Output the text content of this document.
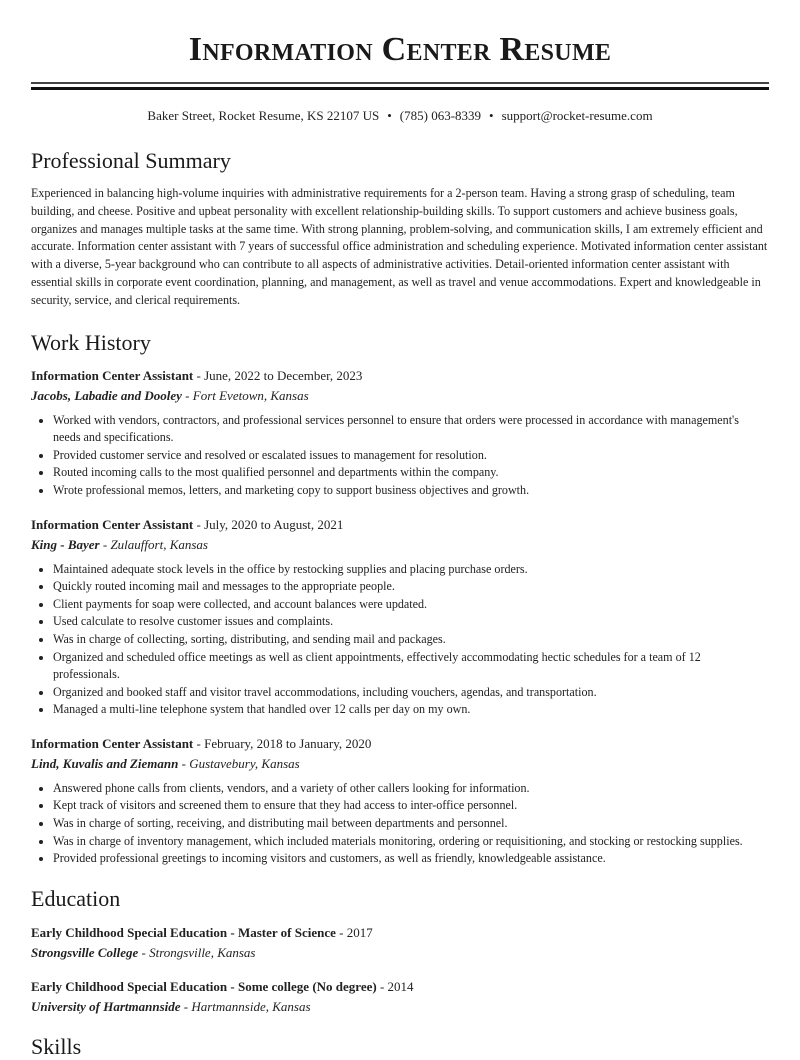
Information Center Resume
Baker Street, Rocket Resume, KS 22107 US • (785) 063-8339 • support@rocket-resume.com
Professional Summary

Experienced in balancing high-volume inquiries with administrative requirements for a 2-person team. Having a strong grasp of scheduling, team building, and cheese. Positive and upbeat personality with excellent relationship-building skills. To support customers and achieve business goals, organizes and manages multiple tasks at the same time. With strong planning, problem-solving, and communication skills, I am extremely efficient and accurate. Information center assistant with 7 years of successful office administration and scheduling experience. Motivated information center assistant with a diverse, 5-year background who can contribute to all aspects of administrative activities. Detail-oriented information center assistant with essential skills in corporate event coordination, planning, and management, as well as travel and venue accommodations. Expert and knowledgeable in security, service, and clerical requirements.

Work History
Information Center Assistant - June, 2022 to December, 2023
Jacobs, Labadie and Dooley - Fort Evetown, Kansas
• Worked with vendors, contractors, and professional services personnel to ensure that orders were processed in accordance with management's needs and specifications.
• Provided customer service and resolved or escalated issues to management for resolution.
• Routed incoming calls to the most qualified personnel and departments within the company.
• Wrote professional memos, letters, and marketing copy to support business objectives and growth.
Information Center Assistant - July, 2020 to August, 2021
King - Bayer - Zulauffort, Kansas
• Maintained adequate stock levels in the office by restocking supplies and placing purchase orders.
• Quickly routed incoming mail and messages to the appropriate people.
• Client payments for soap were collected, and account balances were updated.
• Used calculate to resolve customer issues and complaints.
• Was in charge of collecting, sorting, distributing, and sending mail and packages.
• Organized and scheduled office meetings as well as client appointments, effectively accommodating hectic schedules for a team of 12 professionals.
• Organized and booked staff and visitor travel accommodations, including vouchers, agendas, and transportation.
• Managed a multi-line telephone system that handled over 12 calls per day on my own.
Information Center Assistant - February, 2018 to January, 2020
Lind, Kuvalis and Ziemann - Gustavebury, Kansas
• Answered phone calls from clients, vendors, and a variety of other callers looking for information.
• Kept track of visitors and screened them to ensure that they had access to inter-office personnel.
• Was in charge of sorting, receiving, and distributing mail between departments and personnel.
• Was in charge of inventory management, which included materials monitoring, ordering or requisitioning, and stocking or restocking supplies.
• Provided professional greetings to incoming visitors and customers, as well as friendly, knowledgeable assistance.
Education
Early Childhood Special Education - Master of Science - 2017
Strongsville College - Strongsville, Kansas
Early Childhood Special Education - Some college (No degree) - 2014
University of Hartmannside - Hartmannside, Kansas
Skills
